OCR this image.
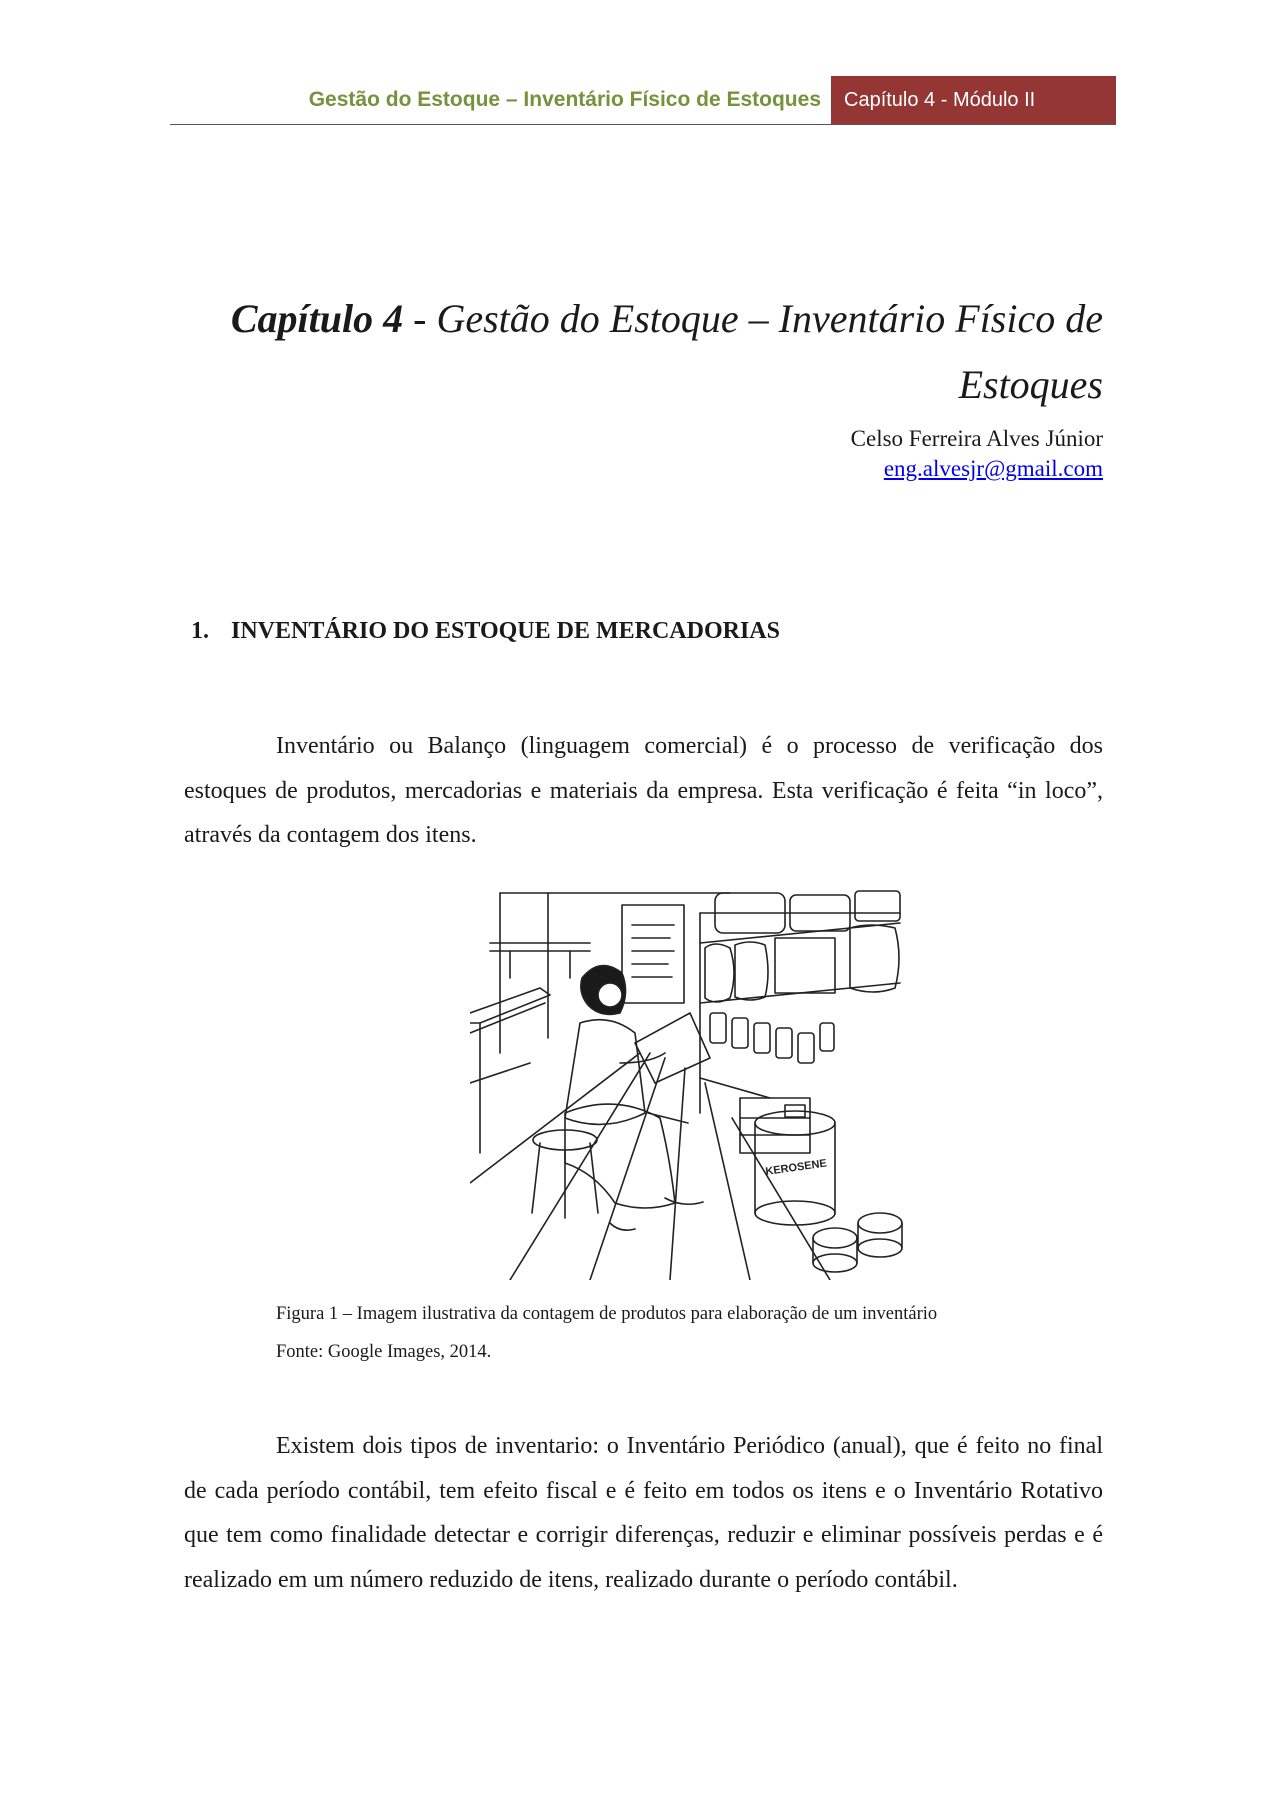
Gestão do Estoque – Inventário Físico de Estoques	Capítulo 4 - Módulo II
Capítulo 4 - Gestão do Estoque – Inventário Físico de Estoques
Celso Ferreira Alves Júnior
eng.alvesjr@gmail.com
1. INVENTÁRIO DO ESTOQUE DE MERCADORIAS

Inventário ou Balanço (linguagem comercial) é o processo de verificação dos estoques de produtos, mercadorias e materiais da empresa. Esta verificação é feita “in loco”, através da contagem dos itens.

KEROSENE
Figura 1 – Imagem ilustrativa da contagem de produtos para elaboração de um inventário
Fonte: Google Images, 2014.

Existem dois tipos de inventario: o Inventário Periódico (anual), que é feito no final de cada período contábil, tem efeito fiscal e é feito em todos os itens e o Inventário Rotativo que tem como finalidade detectar e corrigir diferenças, reduzir e eliminar possíveis perdas e é realizado em um número reduzido de itens, realizado durante o período contábil.
